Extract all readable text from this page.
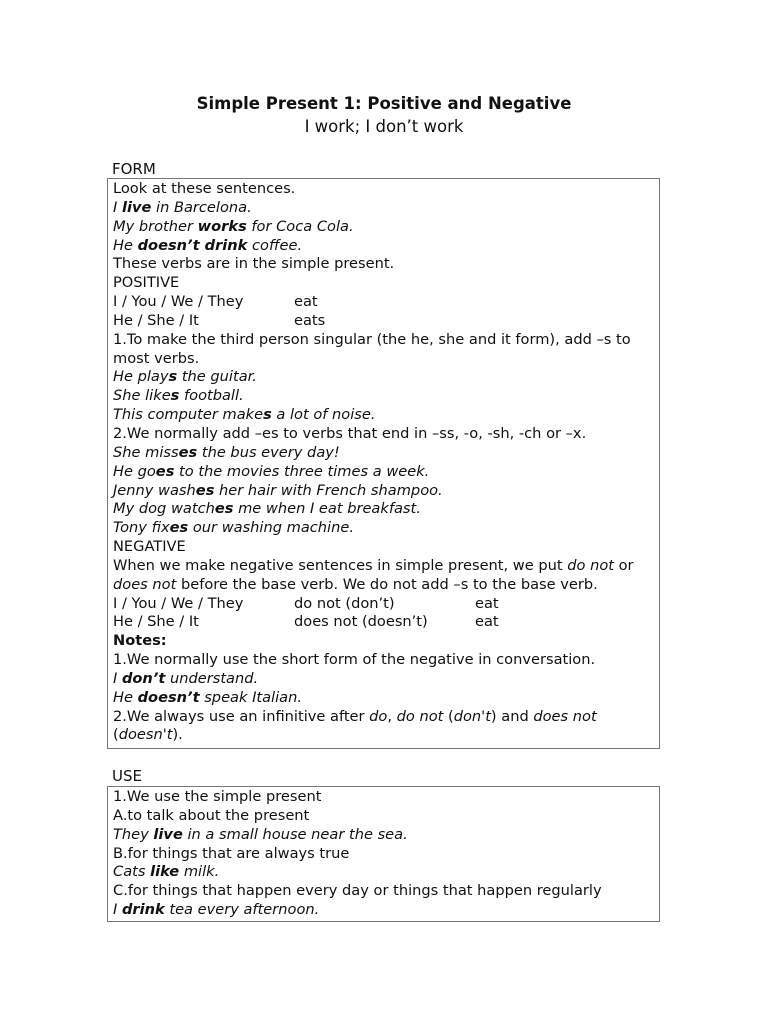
Simple Present 1: Positive and Negative
I work; I don’t work
FORM
Look at these sentences.
I live in Barcelona.
My brother works for Coca Cola.
He doesn’t drink coffee.
These verbs are in the simple present.
POSITIVE
I / You / We / They	eat
He / She / It	eats
1.To make the third person singular (the he, she and it form), add –s to most verbs.
He plays the guitar.
She likes football.
This computer makes a lot of noise.
2.We normally add –es to verbs that end in –ss, -o, -sh, -ch or –x.
She misses the bus every day!
He goes to the movies three times a week.
Jenny washes her hair with French shampoo.
My dog watches me when I eat breakfast.
Tony fixes our washing machine.
NEGATIVE
When we make negative sentences in simple present, we put do not or does not before the base verb. We do not add –s to the base verb.
I / You / We / They	do not (don’t)	eat
He / She / It	does not (doesn’t)	eat
Notes:
1.We normally use the short form of the negative in conversation.
I don’t understand.
He doesn’t speak Italian.
2.We always use an infinitive after do, do not (don't) and does not (doesn't).
USE
1.We use the simple present
A.to talk about the present
They live in a small house near the sea.
B.for things that are always true
Cats like milk.
C.for things that happen every day or things that happen regularly
I drink tea every afternoon.
